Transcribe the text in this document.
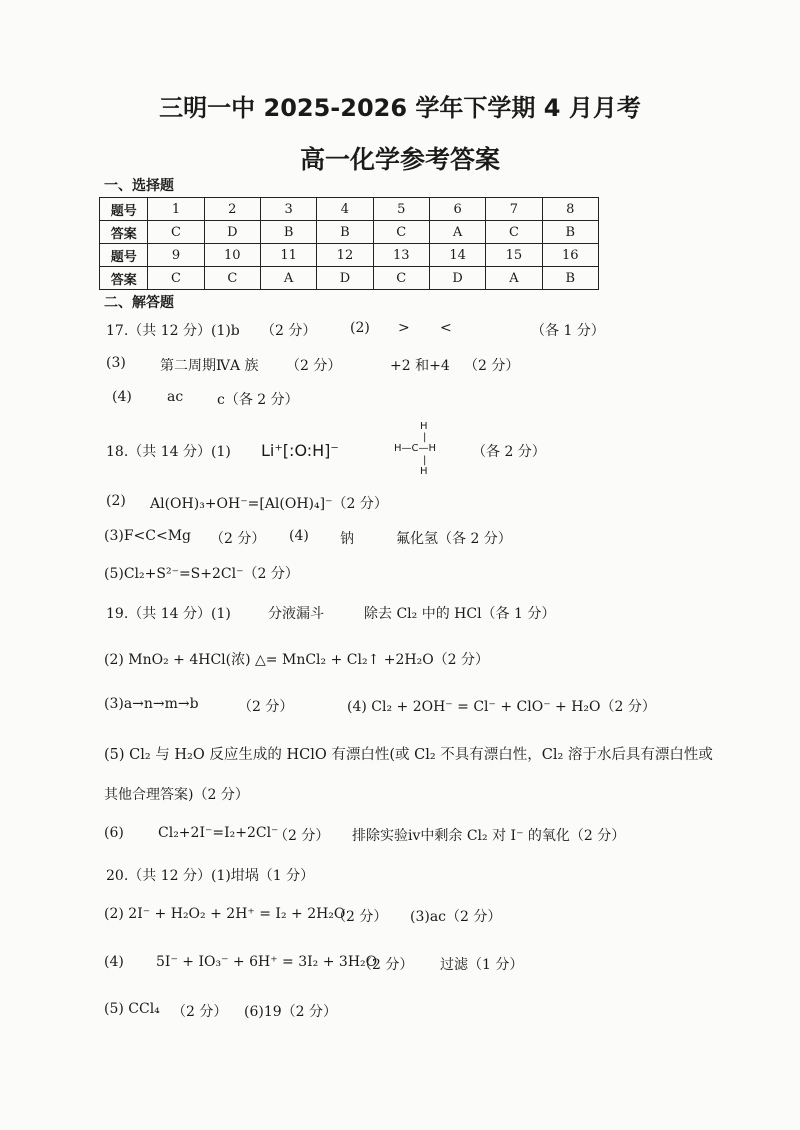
三明一中 2025-2026 学年下学期 4 月月考
高一化学参考答案
一、选择题
题号	1	2	3	4	5	6	7	8
答案	C	D	B	B	C	A	C	B
题号	9	10	11	12	13	14	15	16
答案	C	C	A	D	C	D	A	B
二、解答题
17.（共 12 分）(1)b （2 分） (2) > <	（各 1 分）
(3) 第二周期ⅣA 族 （2 分）	+2 和+4 （2 分）
(4)	ac c（各 2 分）
18.（共 14 分）(1) Li⁺[:O:H]⁻	（各 2 分）
H
|
H—C—H
|
H
(2) Al(OH)₃+OH⁻=[Al(OH)₄]⁻（2 分）
(3)F<C<Mg （2 分） (4) 钠	氟化氢（各 2 分）
(5)Cl₂+S²⁻=S+2Cl⁻（2 分）
19.（共 14 分）(1)	分液漏斗	除去 Cl₂ 中的 HCl（各 1 分）
(2) MnO₂ + 4HCl(浓) △= MnCl₂ + Cl₂↑ +2H₂O（2 分）
(3)a→n→m→b	（2 分）	(4) Cl₂ + 2OH⁻ = Cl⁻ + ClO⁻ + H₂O（2 分）
(5) Cl₂ 与 H₂O 反应生成的 HClO 有漂白性(或 Cl₂ 不具有漂白性，Cl₂ 溶于水后具有漂白性或
其他合理答案)（2 分）
(6) Cl₂+2I⁻=I₂+2Cl⁻
（2 分） 排除实验ⅳ中剩余 Cl₂ 对 I⁻ 的氧化（2 分）
20.（共 12 分）(1)坩埚（1 分）
(2) 2I⁻ + H₂O₂ + 2H⁺ = I₂ + 2H₂O
（2 分） (3)ac（2 分）
(4) 5I⁻ + IO₃⁻ + 6H⁺ = 3I₂ + 3H₂O
（2 分） 过滤（1 分）
(5) CCl₄ （2 分） (6)19（2 分）
